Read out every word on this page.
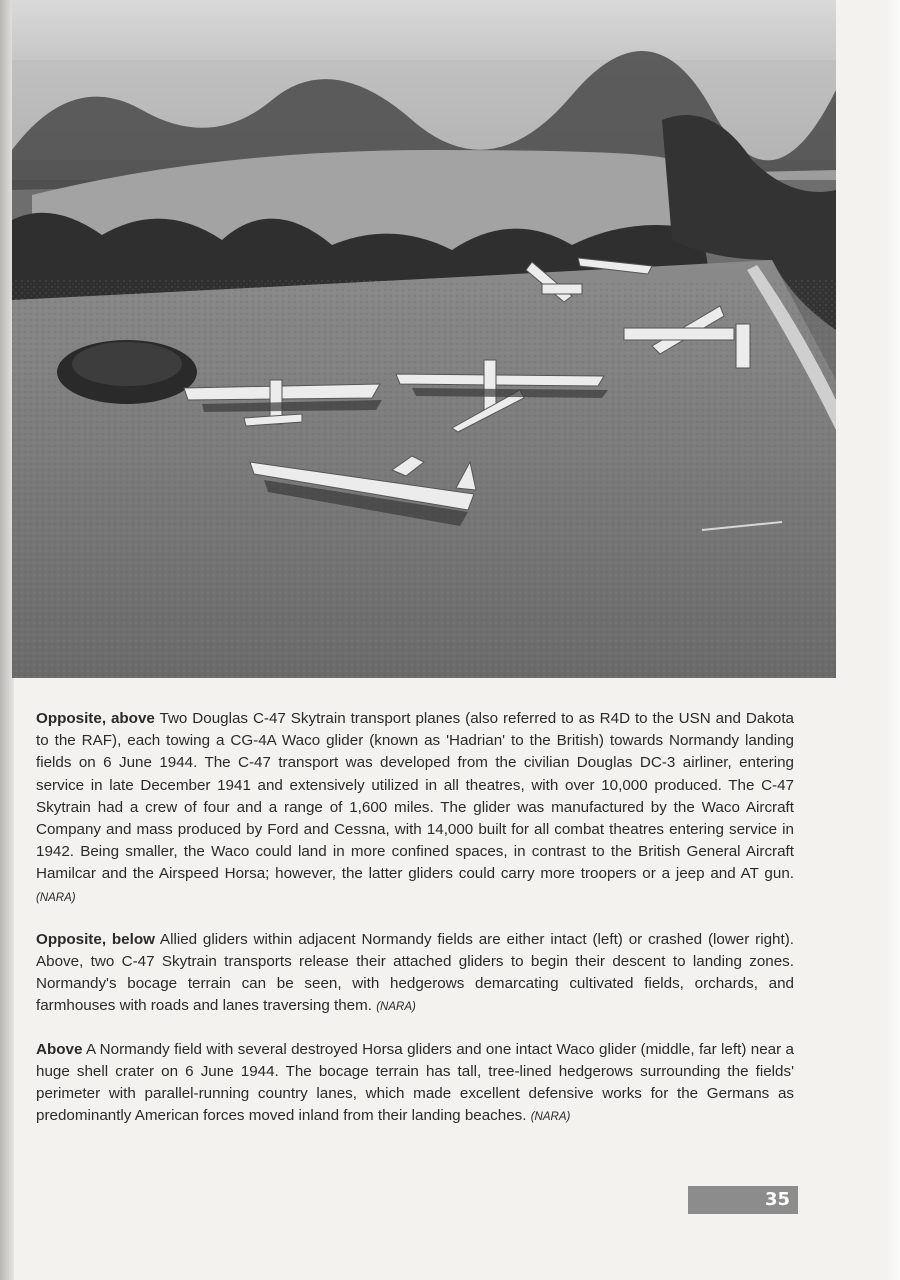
Opposite, above Two Douglas C-47 Skytrain transport planes (also referred to as R4D to the USN and Dakota to the RAF), each towing a CG-4A Waco glider (known as 'Hadrian' to the British) towards Normandy landing fields on 6 June 1944. The C-47 transport was developed from the civilian Douglas DC-3 airliner, entering service in late December 1941 and extensively utilized in all theatres, with over 10,000 produced. The C-47 Skytrain had a crew of four and a range of 1,600 miles. The glider was manufactured by the Waco Aircraft Company and mass produced by Ford and Cessna, with 14,000 built for all combat theatres entering service in 1942. Being smaller, the Waco could land in more confined spaces, in contrast to the British General Aircraft Hamilcar and the Airspeed Horsa; however, the latter gliders could carry more troopers or a jeep and AT gun. (NARA)

Opposite, below Allied gliders within adjacent Normandy fields are either intact (left) or crashed (lower right). Above, two C-47 Skytrain transports release their attached gliders to begin their descent to landing zones. Normandy's bocage terrain can be seen, with hedgerows demarcating cultivated fields, orchards, and farmhouses with roads and lanes traversing them. (NARA)

Above A Normandy field with several destroyed Horsa gliders and one intact Waco glider (middle, far left) near a huge shell crater on 6 June 1944. The bocage terrain has tall, tree-lined hedgerows surrounding the fields' perimeter with parallel-running country lanes, which made excellent defensive works for the Germans as predominantly American forces moved inland from their landing beaches. (NARA)

35
